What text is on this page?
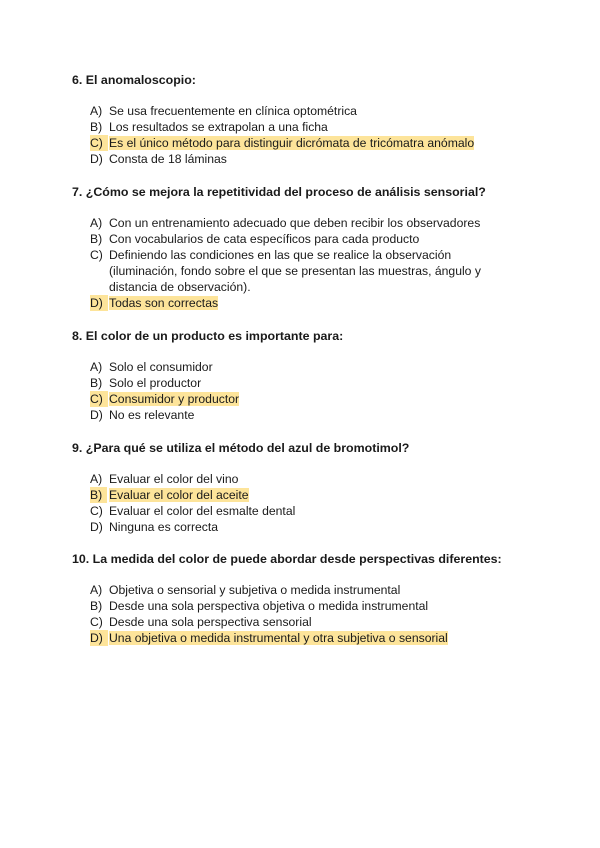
6. El anomaloscopio:

A) Se usa frecuentemente en clínica optométrica
B) Los resultados se extrapolan a una ficha
C) Es el único método para distinguir dicrómata de tricómatra anómalo
D) Consta de 18 láminas

7. ¿Cómo se mejora la repetitividad del proceso de análisis sensorial?

A) Con un entrenamiento adecuado que deben recibir los observadores
B) Con vocabularios de cata específicos para cada producto
C) Definiendo las condiciones en las que se realice la observación (iluminación, fondo sobre el que se presentan las muestras, ángulo y distancia de observación).
D) Todas son correctas

8. El color de un producto es importante para:

A) Solo el consumidor
B) Solo el productor
C) Consumidor y productor
D) No es relevante

9. ¿Para qué se utiliza el método del azul de bromotimol?

A) Evaluar el color del vino
B) Evaluar el color del aceite
C) Evaluar el color del esmalte dental
D) Ninguna es correcta

10. La medida del color de puede abordar desde perspectivas diferentes:

A) Objetiva o sensorial y subjetiva o medida instrumental
B) Desde una sola perspectiva objetiva o medida instrumental
C) Desde una sola perspectiva sensorial
D) Una objetiva o medida instrumental y otra subjetiva o sensorial
